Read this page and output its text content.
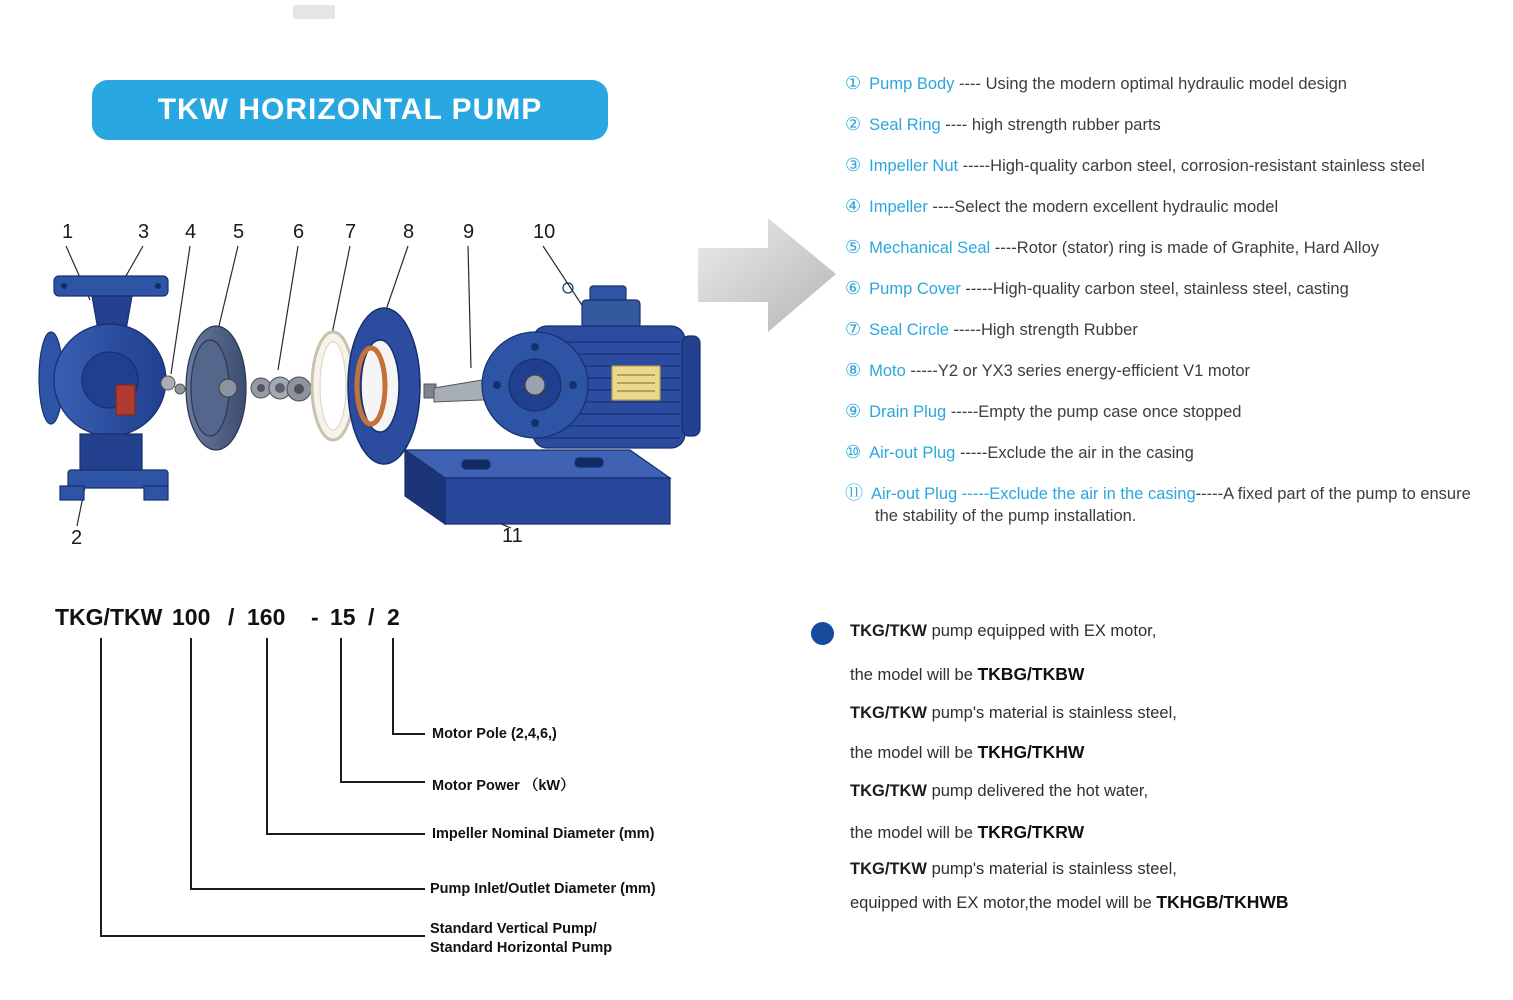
TKW HORIZONTAL PUMP
1	3 4 5 6 7 8 9	10
2	11
① Pump Body ---- Using the modern optimal hydraulic model design
② Seal Ring ---- high strength rubber parts
③ Impeller Nut -----High-quality carbon steel, corrosion-resistant stainless steel
④ Impeller ----Select the modern excellent hydraulic model
⑤ Mechanical Seal ----Rotor (stator) ring is made of Graphite, Hard Alloy
⑥ Pump Cover -----High-quality carbon steel, stainless steel, casting
⑦ Seal Circle -----High strength Rubber
⑧ Moto -----Y2 or YX3 series energy-efficient V1 motor
⑨ Drain Plug -----Empty the pump case once stopped
⑩ Air-out Plug -----Exclude the air in the casing
⑪ Air-out Plug -----Exclude the air in the casing-----A fixed part of the pump to ensure the stability of the pump installation.
TKG/TKW 100 / 160 - 15 / 2
Motor Pole (2,4,6,)
Motor Power （kW）
Impeller Nominal Diameter (mm)
Pump Inlet/Outlet Diameter (mm)
Standard Vertical Pump/
Standard Horizontal Pump
TKG/TKW pump equipped with EX motor,
the model will be TKBG/TKBW
TKG/TKW pump's material is stainless steel,
the model will be TKHG/TKHW
TKG/TKW pump delivered the hot water,
the model will be TKRG/TKRW
TKG/TKW pump's material is stainless steel,
equipped with EX motor,the model will be TKHGB/TKHWB
